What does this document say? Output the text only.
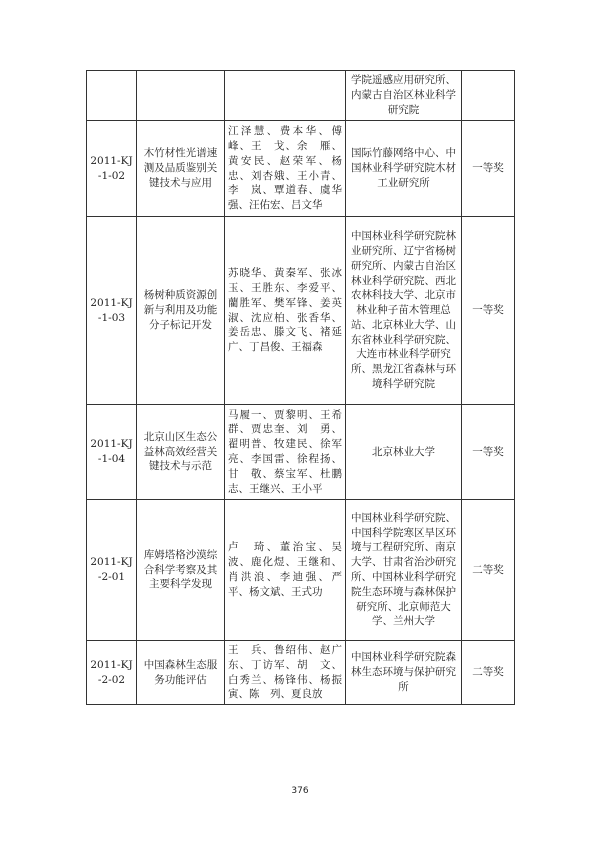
			学院遥感应用研究所、内蒙古自治区林业科学研究院	

2011-KJ
-1-02	木竹材性光谱速测及品质鉴别关键技术与应用	江泽慧、费本华、傅峰、王　戈、余　雁、黄安民、赵荣军、杨忠、刘杏娥、王小青、李　岚、覃道春、虞华强、汪佑宏、吕文华	国际竹藤网络中心、中国林业科学研究院木材工业研究所	一等奖

2011-KJ
-1-03	杨树种质资源创新与利用及功能分子标记开发	苏晓华、黄秦军、张冰玉、王胜东、李爱平、藺胜军、樊军锋、姜英淑、沈应柏、张香华、姜岳忠、滕文飞、褚延广、丁昌俊、王福森	中国林业科学研究院林业研究所、辽宁省杨树研究所、内蒙古自治区林业科学研究院、西北农林科技大学、北京市林业种子苗木管理总站、北京林业大学、山东省林业科学研究院、大连市林业科学研究所、黑龙江省森林与环境科学研究院	一等奖

2011-KJ
-1-04	北京山区生态公益林高效经营关键技术与示范	马履一、贾黎明、王希群、贾忠奎、刘　勇、翟明普、牧建民、徐军亮、李国雷、徐程扬、甘　敬、蔡宝军、杜鹏志、王继兴、王小平	北京林业大学	一等奖

2011-KJ
-2-01	库姆塔格沙漠综合科学考察及其主要科学发现	卢　琦、董治宝、吴波、鹿化煜、王继和、肖洪浪、李迪强、严平、杨文斌、王式功	中国林业科学研究院、中国科学院寒区旱区环境与工程研究所、南京大学、甘肃省治沙研究所、中国林业科学研究院生态环境与森林保护研究所、北京师范大学、兰州大学	二等奖

2011-KJ
-2-02	中国森林生态服务功能评估	王　兵、鲁绍伟、赵广东、丁访军、胡　文、白秀兰、杨锋伟、杨振寅、陈　列、夏良放	中国林业科学研究院森林生态环境与保护研究所	二等奖
376
